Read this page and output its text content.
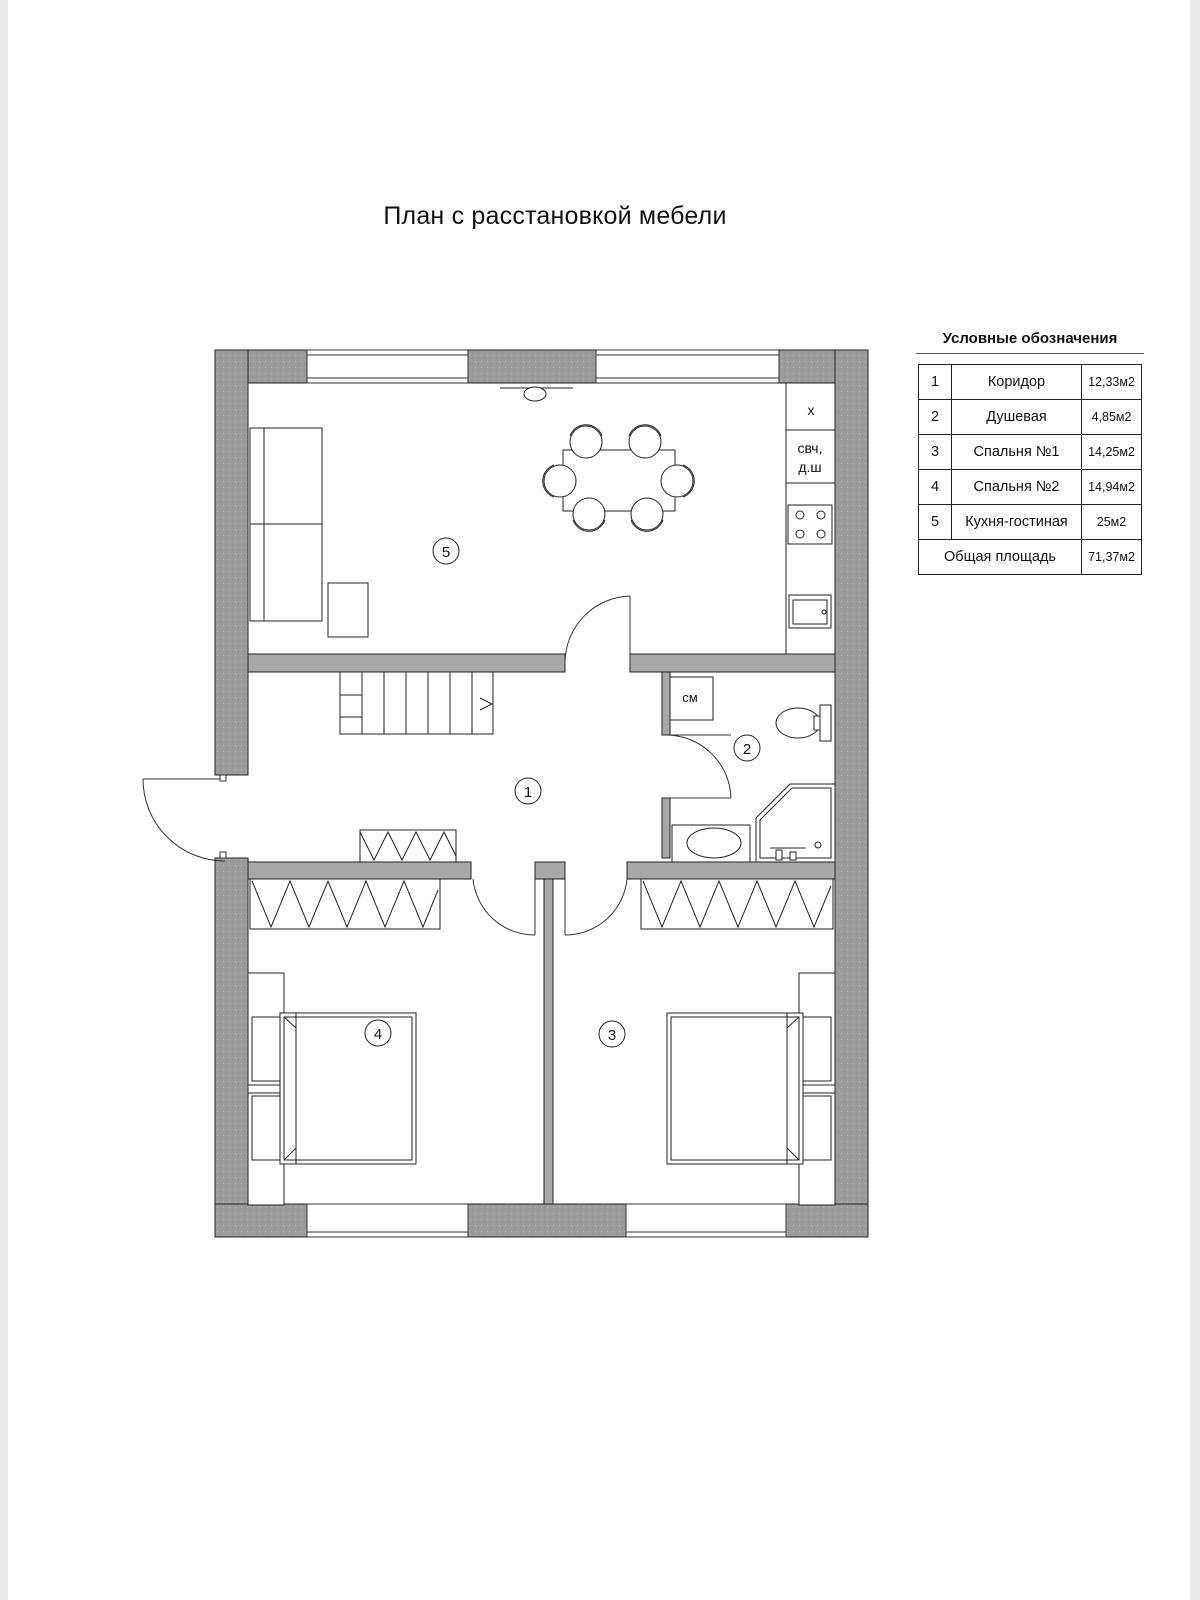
План с расстановкой мебели
5
1
2
4	3
х
свч,
д.ш
см
Условные обозначения
1	Коридор	12,33м2
2	Душевая	4,85м2
3	Спальня №1	14,25м2
4	Спальня №2	14,94м2
5	Кухня-гостиная	25м2
Общая площадь		71,37м2
